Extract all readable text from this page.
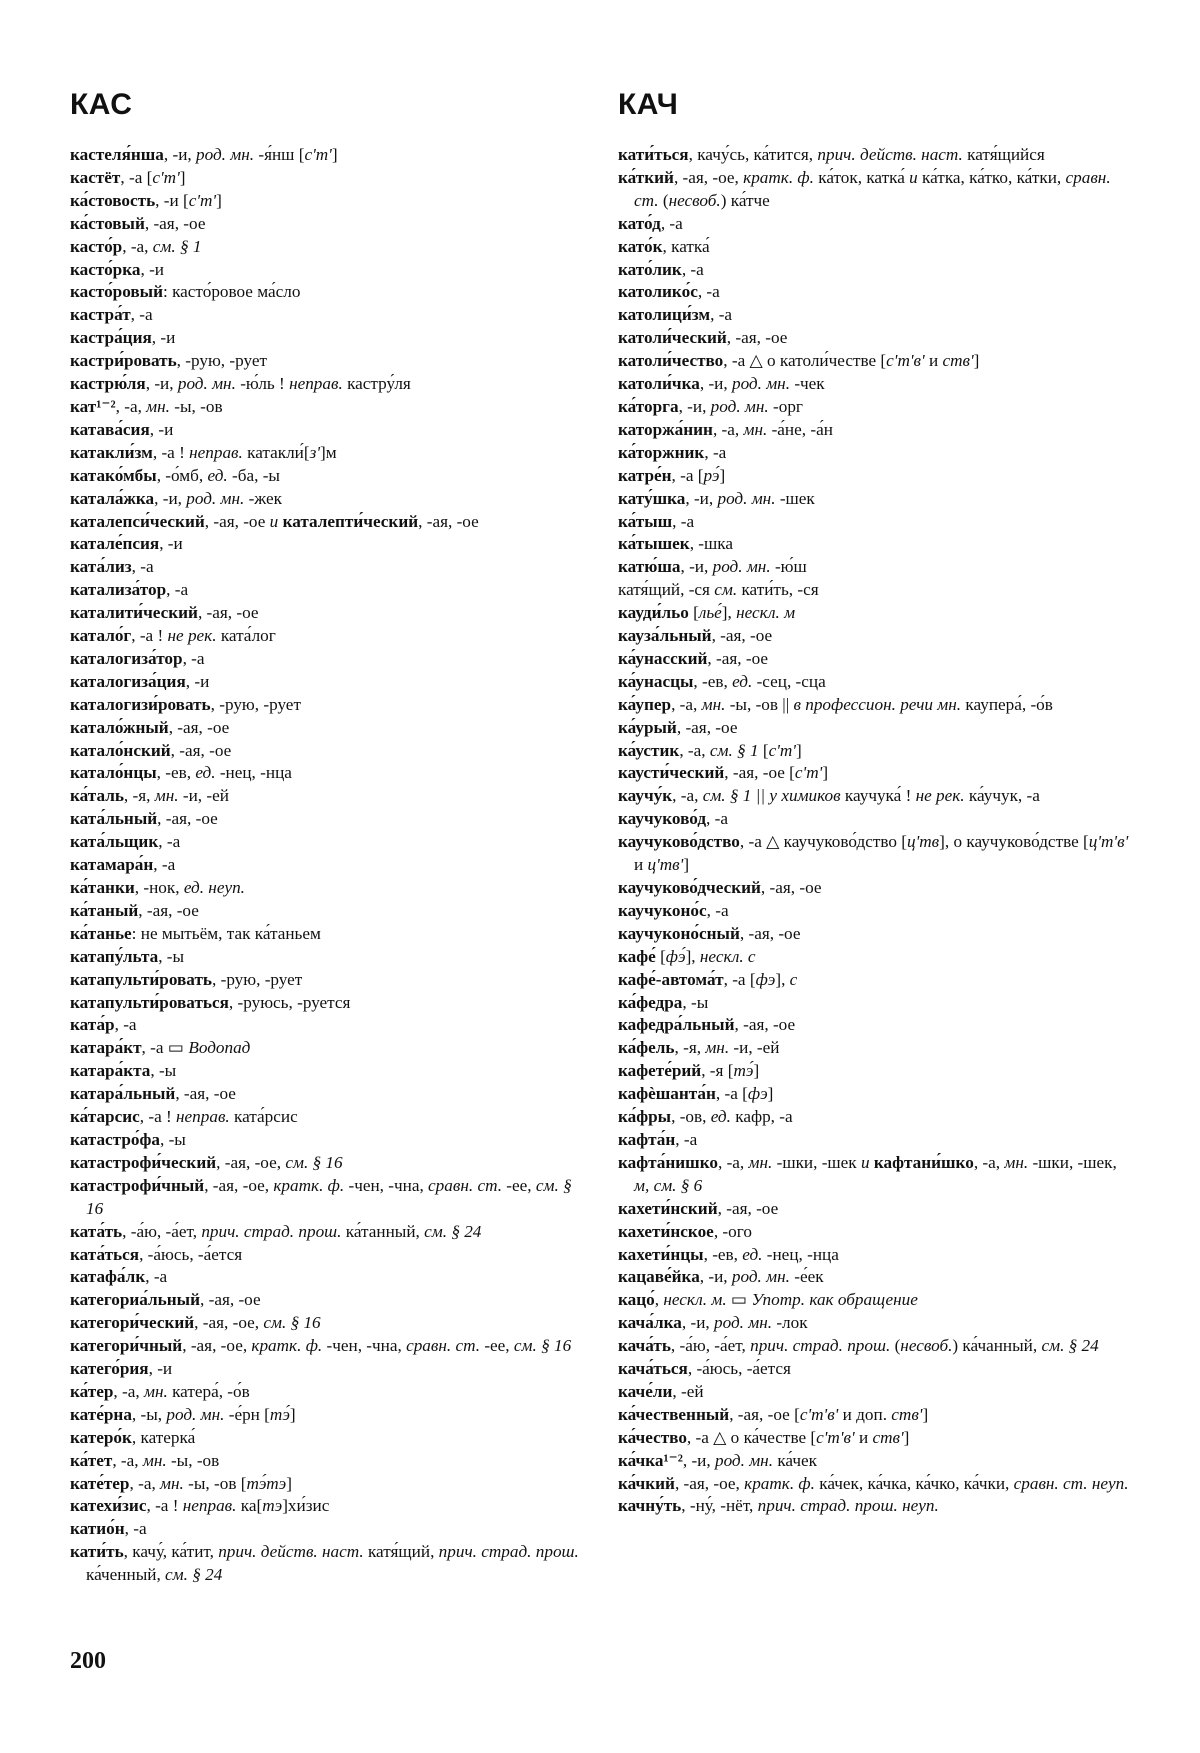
КАС	КАЧ

кастеля́нша, -и, род. мн. -я́нш [сʹтʹ]

кастёт, -а [сʹтʹ]

ка́стовость, -и [сʹтʹ]

ка́стовый, -ая, -ое

касто́р, -а, см. § 1

касто́рка, -и

касто́ровый: касто́ровое ма́сло

кастра́т, -а

кастра́ция, -и

кастри́ровать, -рую, -рует

кастрю́ля, -и, род. мн. -ю́ль ! неправ. кастру́ля

кат¹⁻², -а, мн. -ы, -ов

катава́сия, -и

катакли́зм, -а ! неправ. катакли́[зʹ]м

катако́мбы, -о́мб, ед. -ба, -ы

катала́жка, -и, род. мн. -жек

каталепси́ческий, -ая, -ое и каталепти́ческий, -ая, -ое

катале́псия, -и

ката́лиз, -а

катализа́тор, -а

каталити́ческий, -ая, -ое

катало́г, -а ! не рек. ката́лог

каталогиза́тор, -а

каталогиза́ция, -и

каталогизи́ровать, -рую, -рует

катало́жный, -ая, -ое

катало́нский, -ая, -ое

катало́нцы, -ев, ед. -нец, -нца

ка́таль, -я, мн. -и, -ей

ката́льный, -ая, -ое

ката́льщик, -а

катамара́н, -а

ка́танки, -нок, ед. неуп.

ка́таный, -ая, -ое

ка́танье: не мытьём, так ка́таньем

катапу́льта, -ы

катапульти́ровать, -рую, -рует

катапульти́роваться, -руюсь, -руется

ката́р, -а

катара́кт, -а ▭ Водопад

катара́кта, -ы

катара́льный, -ая, -ое

ка́тарсис, -а ! неправ. ката́рсис

катастро́фа, -ы

катастрофи́ческий, -ая, -ое, см. § 16

катастрофи́чный, -ая, -ое, кратк. ф. -чен, -чна, сравн. ст. -ее, см. § 16

ката́ть, -а́ю, -а́ет, прич. страд. прош. ка́танный, см. § 24

ката́ться, -а́юсь, -а́ется

катафа́лк, -а

категориа́льный, -ая, -ое

категори́ческий, -ая, -ое, см. § 16

категори́чный, -ая, -ое, кратк. ф. -чен, -чна, сравн. ст. -ее, см. § 16

катего́рия, -и

ка́тер, -а, мн. катера́, -о́в

кате́рна, -ы, род. мн. -е́рн [тэ́]

катеро́к, катерка́

ка́тет, -а, мн. -ы, -ов

кате́тер, -а, мн. -ы, -ов [тэ́тэ]

катехи́зис, -а ! неправ. ка[тэ]хи́зис

катио́н, -а

кати́ть, качу́, ка́тит, прич. действ. наст. катя́щий, прич. страд. прош. ка́ченный, см. § 24

кати́ться, качу́сь, ка́тится, прич. действ. наст. катя́щийся

ка́ткий, -ая, -ое, кратк. ф. ка́ток, катка́ и ка́тка, ка́тко, ка́тки, сравн. ст. (несвоб.) ка́тче

като́д, -а

като́к, катка́

като́лик, -а

католико́с, -а

католици́зм, -а

католи́ческий, -ая, -ое

католи́чество, -а △ о католи́честве [сʹтʹвʹ и ствʹ]

католи́чка, -и, род. мн. -чек

ка́торга, -и, род. мн. -орг

каторжа́нин, -а, мн. -а́не, -а́н

ка́торжник, -а

катре́н, -а [рэ́]

кату́шка, -и, род. мн. -шек

ка́тыш, -а

ка́тышек, -шка

катю́ша, -и, род. мн. -ю́ш

катя́щий, -ся см. кати́ть, -ся

кауди́льо [лье́], нескл. м

кауза́льный, -ая, -ое

ка́унасский, -ая, -ое

ка́унасцы, -ев, ед. -сец, -сца

ка́упер, -а, мн. -ы, -ов || в профессион. речи мн. каупера́, -о́в

ка́урый, -ая, -ое

ка́устик, -а, см. § 1 [сʹтʹ]

каусти́ческий, -ая, -ое [сʹтʹ]

каучу́к, -а, см. § 1 || у химиков каучука́ ! не рек. ка́учук, -а

каучуково́д, -а

каучуково́дство, -а △ каучуково́дство [цʹтв], о каучуково́дстве [цʹтʹвʹ и цʹтвʹ]

каучуково́дческий, -ая, -ое

каучуконо́с, -а

каучуконо́сный, -ая, -ое

кафе́ [фэ́], нескл. с

кафе́-автома́т, -а [фэ], с

ка́федра, -ы

кафедра́льный, -ая, -ое

ка́фель, -я, мн. -и, -ей

кафете́рий, -я [тэ́]

кафѐшанта́н, -а [фэ]

ка́фры, -ов, ед. кафр, -а

кафта́н, -а

кафта́нишко, -а, мн. -шки, -шек и кафтани́шко, -а, мн. -шки, -шек, м, см. § 6

кахети́нский, -ая, -ое

кахети́нское, -ого

кахети́нцы, -ев, ед. -нец, -нца

кацаве́йка, -и, род. мн. -е́ек

кацо́, нескл. м. ▭ Употр. как обращение

кача́лка, -и, род. мн. -лок

кача́ть, -а́ю, -а́ет, прич. страд. прош. (несвоб.) ка́чанный, см. § 24

кача́ться, -а́юсь, -а́ется

каче́ли, -ей

ка́чественный, -ая, -ое [сʹтʹвʹ и доп. ствʹ]

ка́чество, -а △ о ка́честве [сʹтʹвʹ и ствʹ]

ка́чка¹⁻², -и, род. мн. ка́чек

ка́чкий, -ая, -ое, кратк. ф. ка́чек, ка́чка, ка́чко, ка́чки, сравн. ст. неуп.

качну́ть, -ну́, -нёт, прич. страд. прош. неуп.

200
